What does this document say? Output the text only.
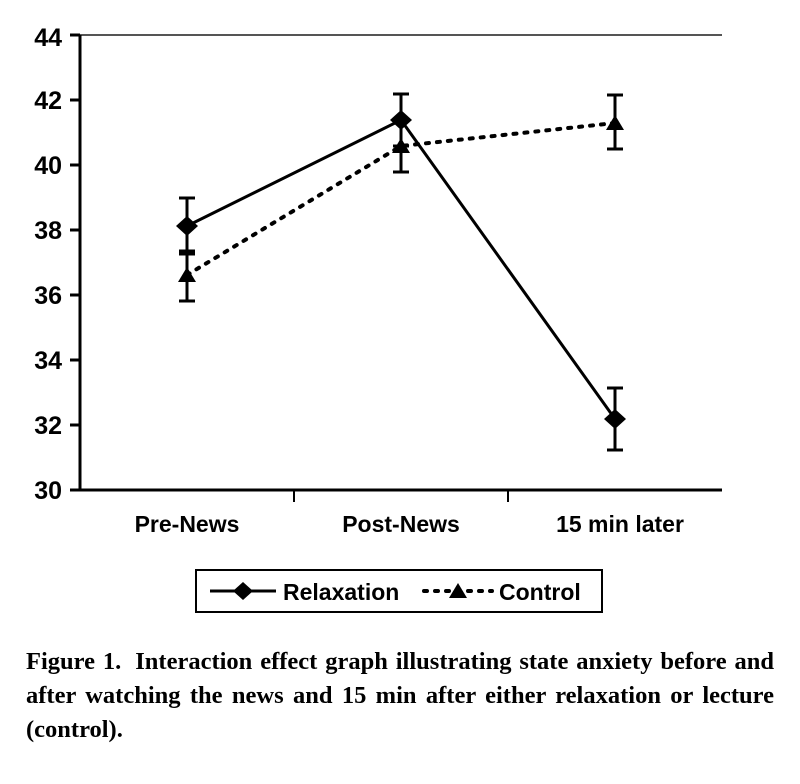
30
32
34
36
38
40
42
44
Pre-News	Post-News	15 min later
Relaxation	Control
Figure 1. Interaction effect graph illustrating state anxiety before and after watching the news and 15 min after either relaxation or lecture (control).
